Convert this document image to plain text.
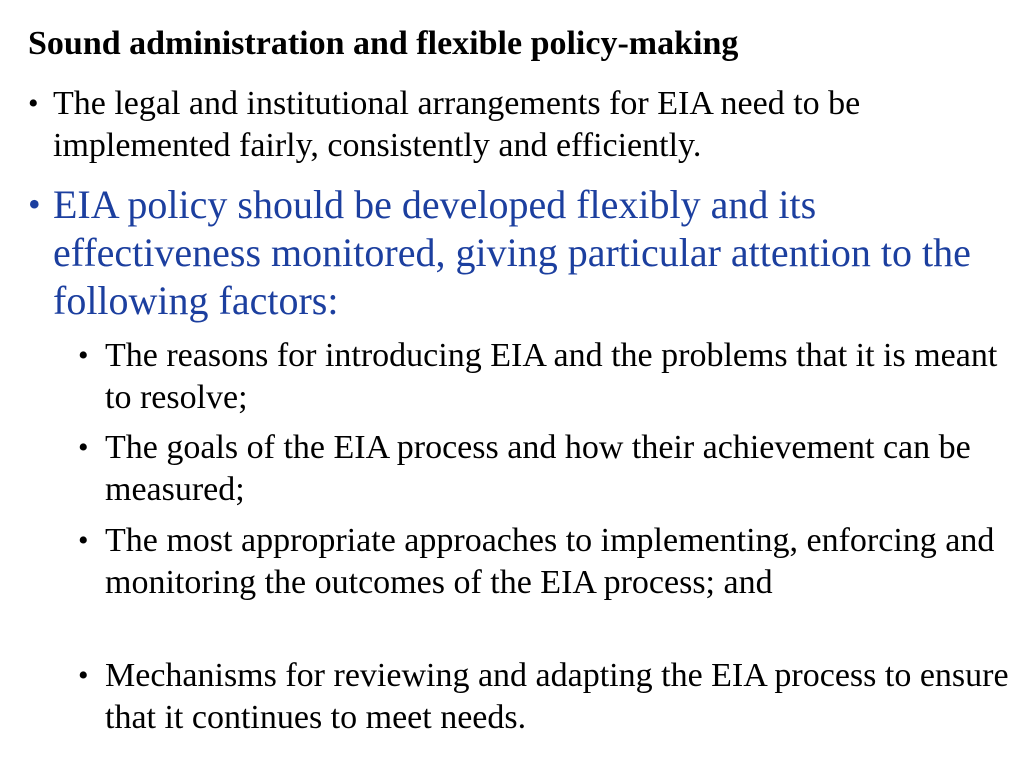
Sound administration and flexible policy-making
• The legal and institutional arrangements for EIA need to be implemented fairly, consistently and efficiently.
• EIA policy should be developed flexibly and its effectiveness monitored, giving particular attention to the following factors:
• The reasons for introducing EIA and the problems that it is meant to resolve;
• The goals of the EIA process and how their achievement can be measured;
• The most appropriate approaches to implementing, enforcing and monitoring the outcomes of the EIA process; and
• Mechanisms for reviewing and adapting the EIA process to ensure that it continues to meet needs.
